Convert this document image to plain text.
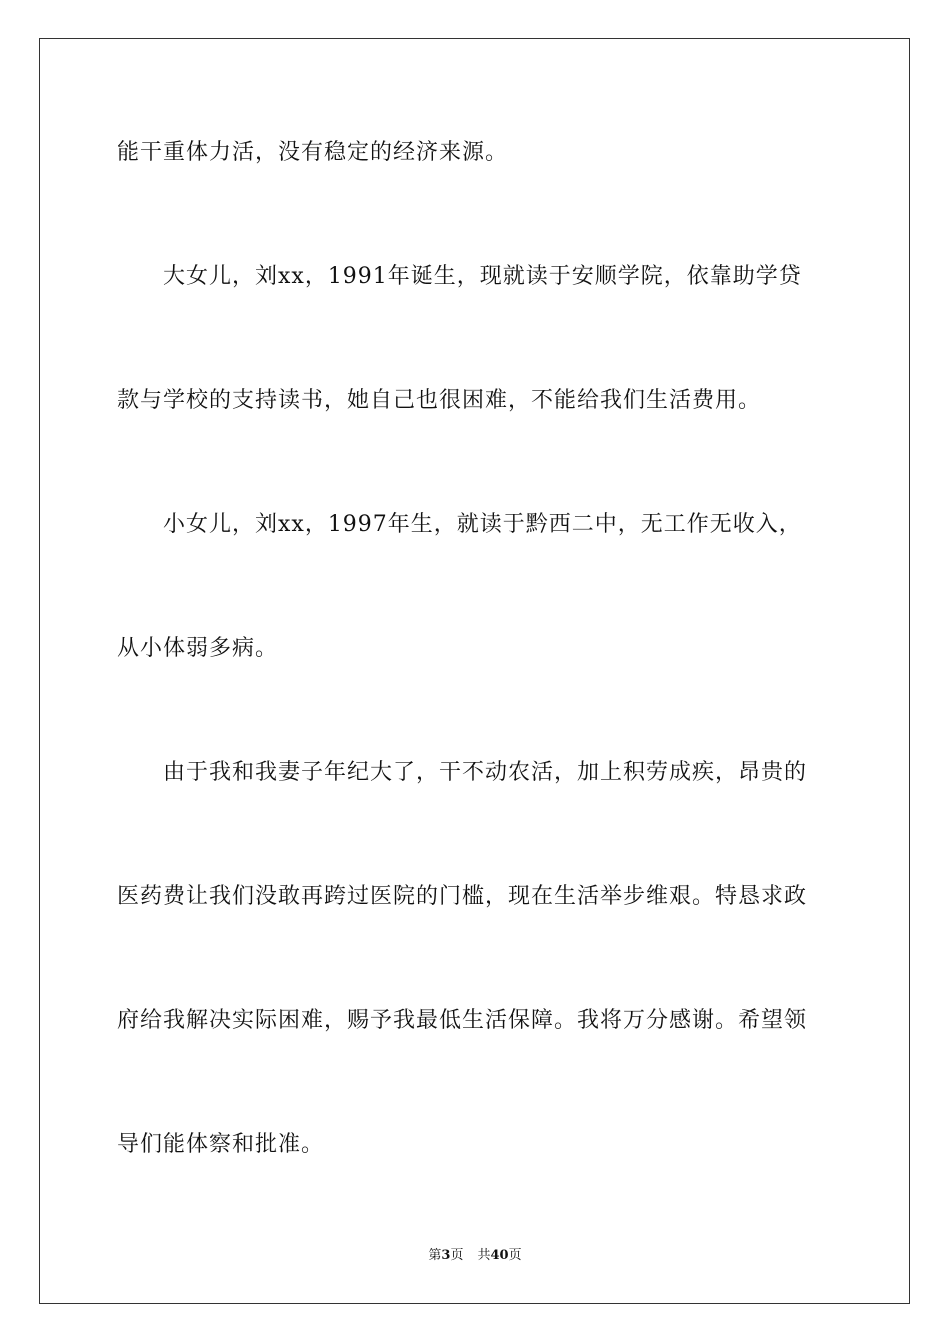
能干重体力活，没有稳定的经济来源。
大女儿，刘xx，1991年诞生，现就读于安顺学院，依靠助学贷
款与学校的支持读书，她自己也很困难，不能给我们生活费用。
小女儿，刘xx，1997年生，就读于黔西二中，无工作无收入，
从小体弱多病。
由于我和我妻子年纪大了，干不动农活，加上积劳成疾，昂贵的
医药费让我们没敢再跨过医院的门槛，现在生活举步维艰。特恳求政
府给我解决实际困难，赐予我最低生活保障。我将万分感谢。希望领
导们能体察和批准。
第3页 共40页
